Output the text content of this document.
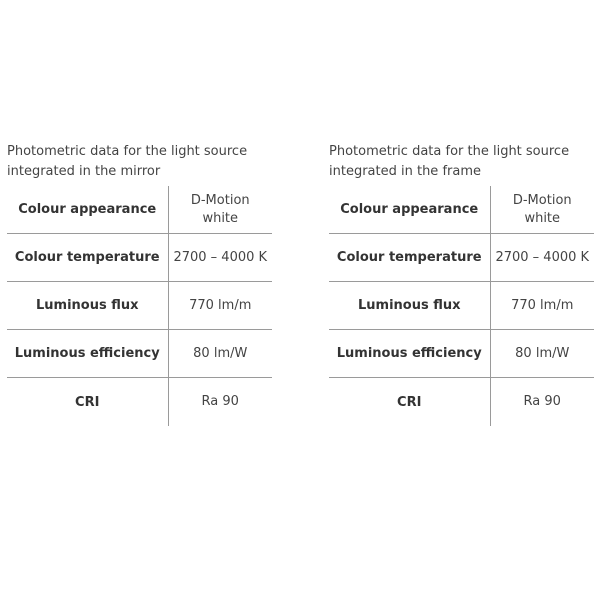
Photometric data for the light source
integrated in the mirror
Colour appearance	D-Motion
white

Colour temperature	2700 – 4000 K
Luminous flux	770 lm/m
Luminous efficiency	80 lm/W
CRI	Ra 90
Photometric data for the light source
integrated in the frame
Colour appearance	D-Motion
white

Colour temperature	2700 – 4000 K
Luminous flux	770 lm/m
Luminous efficiency	80 lm/W
CRI	Ra 90
